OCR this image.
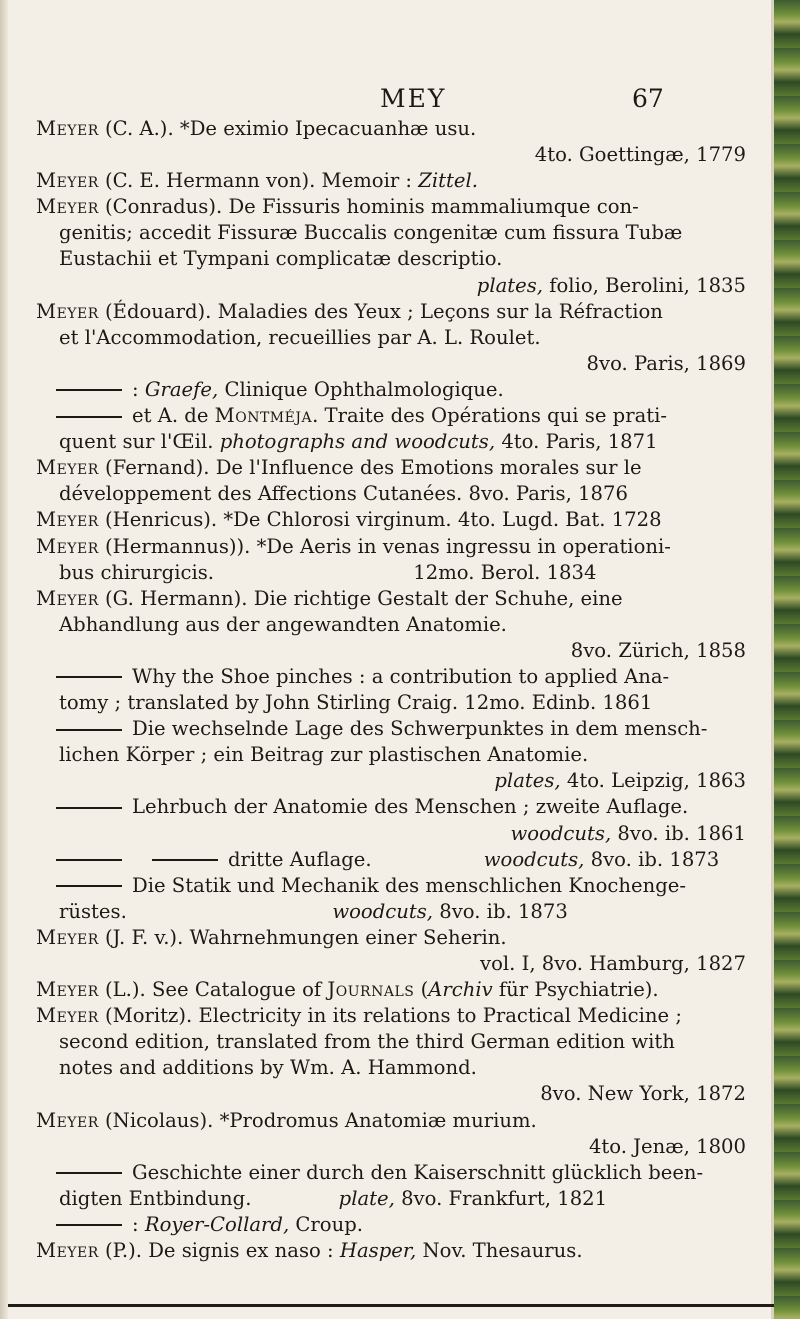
MEY	67
Meyer (C. A.). *De eximio Ipecacuanhæ usu.
4to. Goettingæ, 1779
Meyer (C. E. Hermann von). Memoir : Zittel.
Meyer (Conradus). De Fissuris hominis mammaliumque con-
genitis; accedit Fissuræ Buccalis congenitæ cum fissura Tubæ
Eustachii et Tympani complicatæ descriptio.
plates, folio, Berolini, 1835
Meyer (Édouard). Maladies des Yeux ; Leçons sur la Réfraction
et l'Accommodation, recueillies par A. L. Roulet.
8vo. Paris, 1869
: Graefe, Clinique Ophthalmologique.
et A. de Montméja. Traite des Opérations qui se prati-
quent sur l'Œil. photographs and woodcuts, 4to. Paris, 1871
Meyer (Fernand). De l'Influence des Emotions morales sur le
développement des Affections Cutanées. 8vo. Paris, 1876
Meyer (Henricus). *De Chlorosi virginum. 4to. Lugd. Bat. 1728
Meyer (Hermannus)). *De Aeris in venas ingressu in operationi-
bus chirurgicis.                                12mo. Berol. 1834
Meyer (G. Hermann). Die richtige Gestalt der Schuhe, eine
Abhandlung aus der angewandten Anatomie.
8vo. Zürich, 1858
Why the Shoe pinches : a contribution to applied Ana-
tomy ; translated by John Stirling Craig. 12mo. Edinb. 1861
Die wechselnde Lage des Schwerpunktes in dem mensch-
lichen Körper ; ein Beitrag zur plastischen Anatomie.
plates, 4to. Leipzig, 1863
Lehrbuch der Anatomie des Menschen ; zweite Auflage.
woodcuts, 8vo. ib. 1861
dritte Auflage.                  woodcuts, 8vo. ib. 1873
Die Statik und Mechanik des menschlichen Knochenge-
rüstes.                                 woodcuts, 8vo. ib. 1873
Meyer (J. F. v.). Wahrnehmungen einer Seherin.
vol. I, 8vo. Hamburg, 1827
Meyer (L.). See Catalogue of Journals (Archiv für Psychiatrie).
Meyer (Moritz). Electricity in its relations to Practical Medicine ;
second edition, translated from the third German edition with
notes and additions by Wm. A. Hammond.
8vo. New York, 1872
Meyer (Nicolaus). *Prodromus Anatomiæ murium.
4to. Jenæ, 1800
Geschichte einer durch den Kaiserschnitt glücklich been-
digten Entbindung.              plate, 8vo. Frankfurt, 1821
: Royer-Collard, Croup.
Meyer (P.). De signis ex naso : Hasper, Nov. Thesaurus.
